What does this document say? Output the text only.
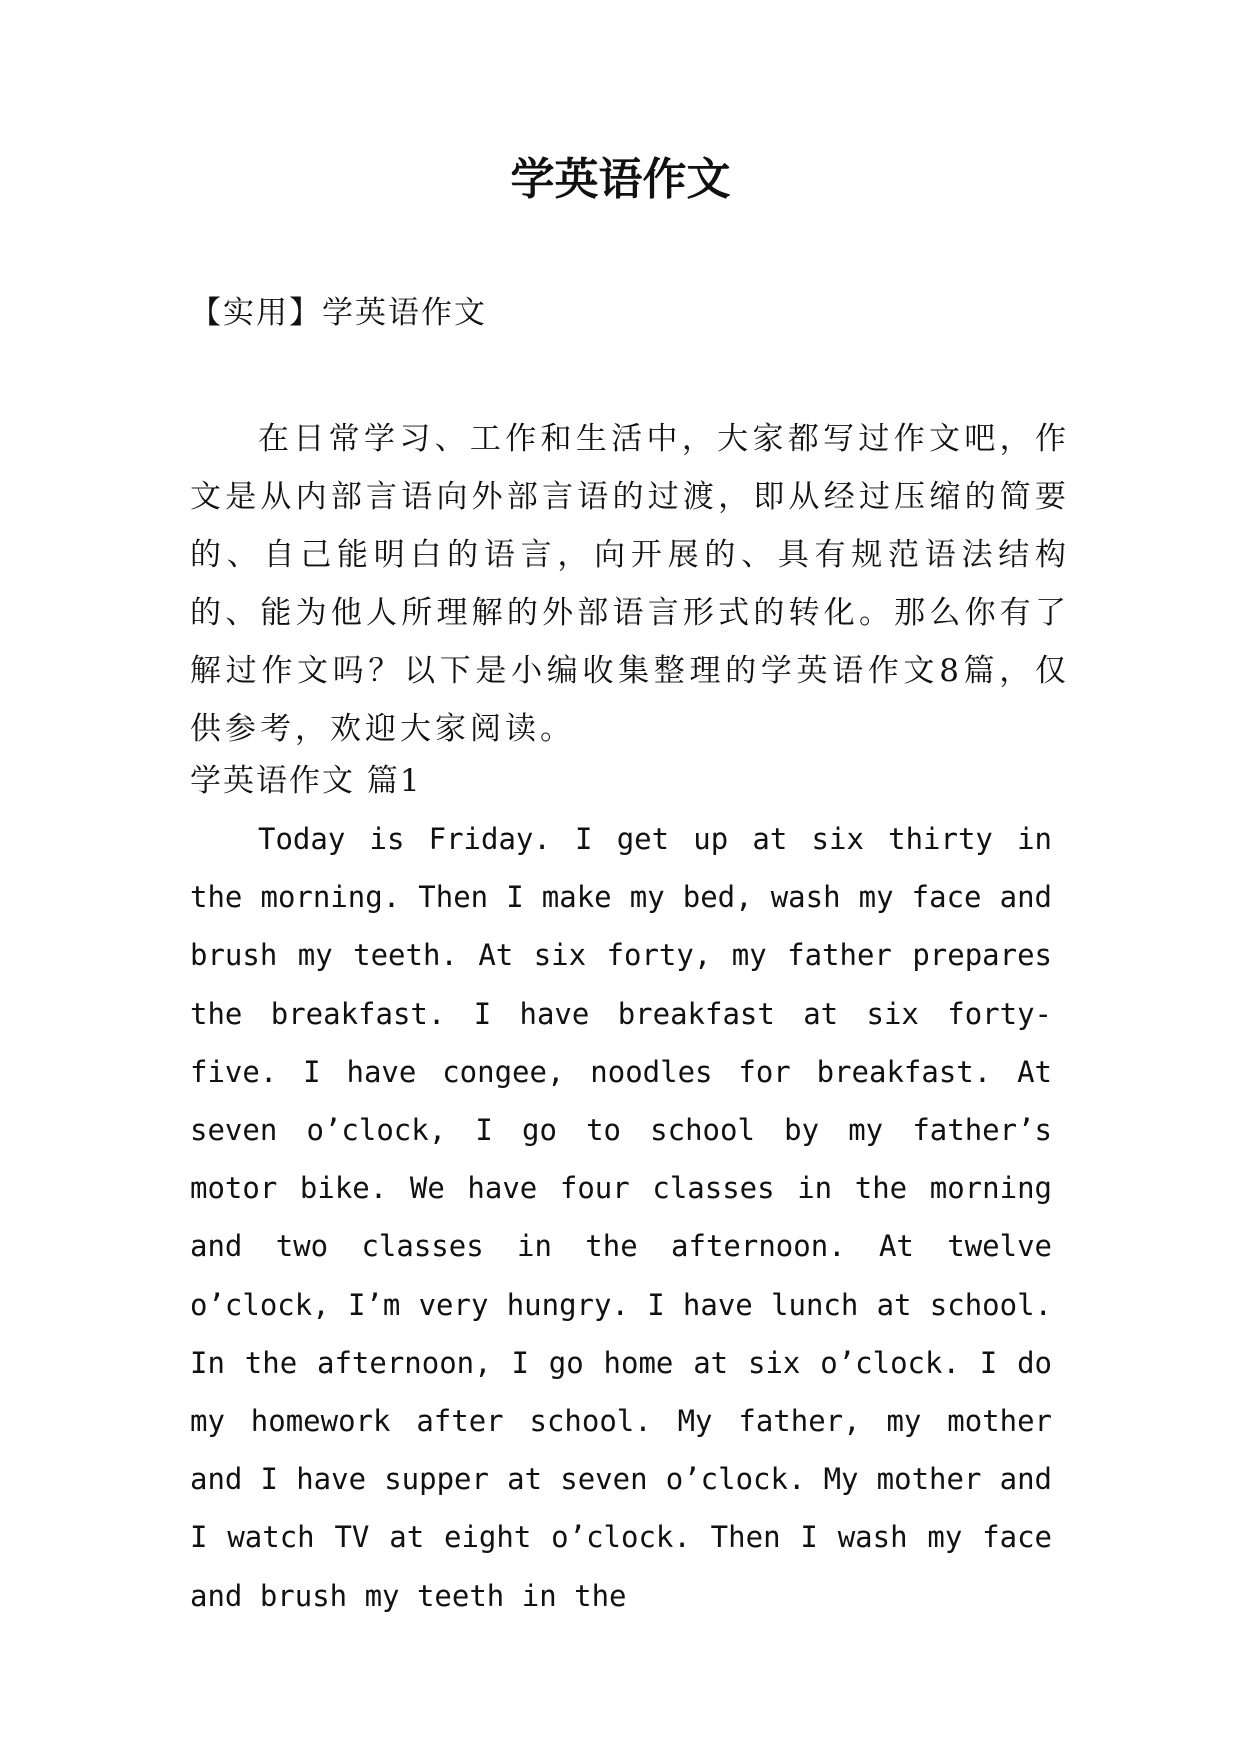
学英语作文
【实用】学英语作文

在日常学习、工作和生活中，大家都写过作文吧，作文是从内部言语向外部言语的过渡，即从经过压缩的简要的、自己能明白的语言，向开展的、具有规范语法结构的、能为他人所理解的外部语言形式的转化。那么你有了解过作文吗？以下是小编收集整理的学英语作文8篇，仅供参考，欢迎大家阅读。

学英语作文 篇1

Today is Friday. I get up at six thirty in the morning. Then I make my bed, wash my face and brush my teeth. At six forty, my father prepares the breakfast. I have breakfast at six forty-five. I have congee, noodles for breakfast. At seven o’clock, I go to school by my father’s motor bike. We have four classes in the morning and two classes in the afternoon. At twelve o’clock, I’m very hungry. I have lunch at school. In the afternoon, I go home at six o’clock. I do my homework after school. My father, my mother and I have supper at seven o’clock. My mother and I watch TV at eight o’clock. Then I wash my face and brush my teeth in the
